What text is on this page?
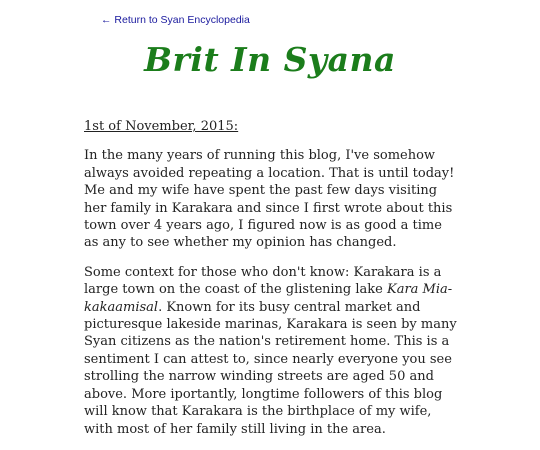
← Return to Syan Encyclopedia
Brit In Syana

1st of November, 2015:

In the many years of running this blog, I've somehow always avoided repeating a location. That is until today! Me and my wife have spent the past few days visiting her family in Karakara and since I first wrote about this town over 4 years ago, I figured now is as good a time as any to see whether my opinion has changed.

Some context for those who don't know: Karakara is a large town on the coast of the glistening lake Kara Mia-kakaamisal. Known for its busy central market and picturesque lakeside marinas, Karakara is seen by many Syan citizens as the nation's retirement home. This is a sentiment I can attest to, since nearly everyone you see strolling the narrow winding streets are aged 50 and above. More iportantly, longtime followers of this blog will know that Karakara is the birthplace of my wife, with most of her family still living in the area.
